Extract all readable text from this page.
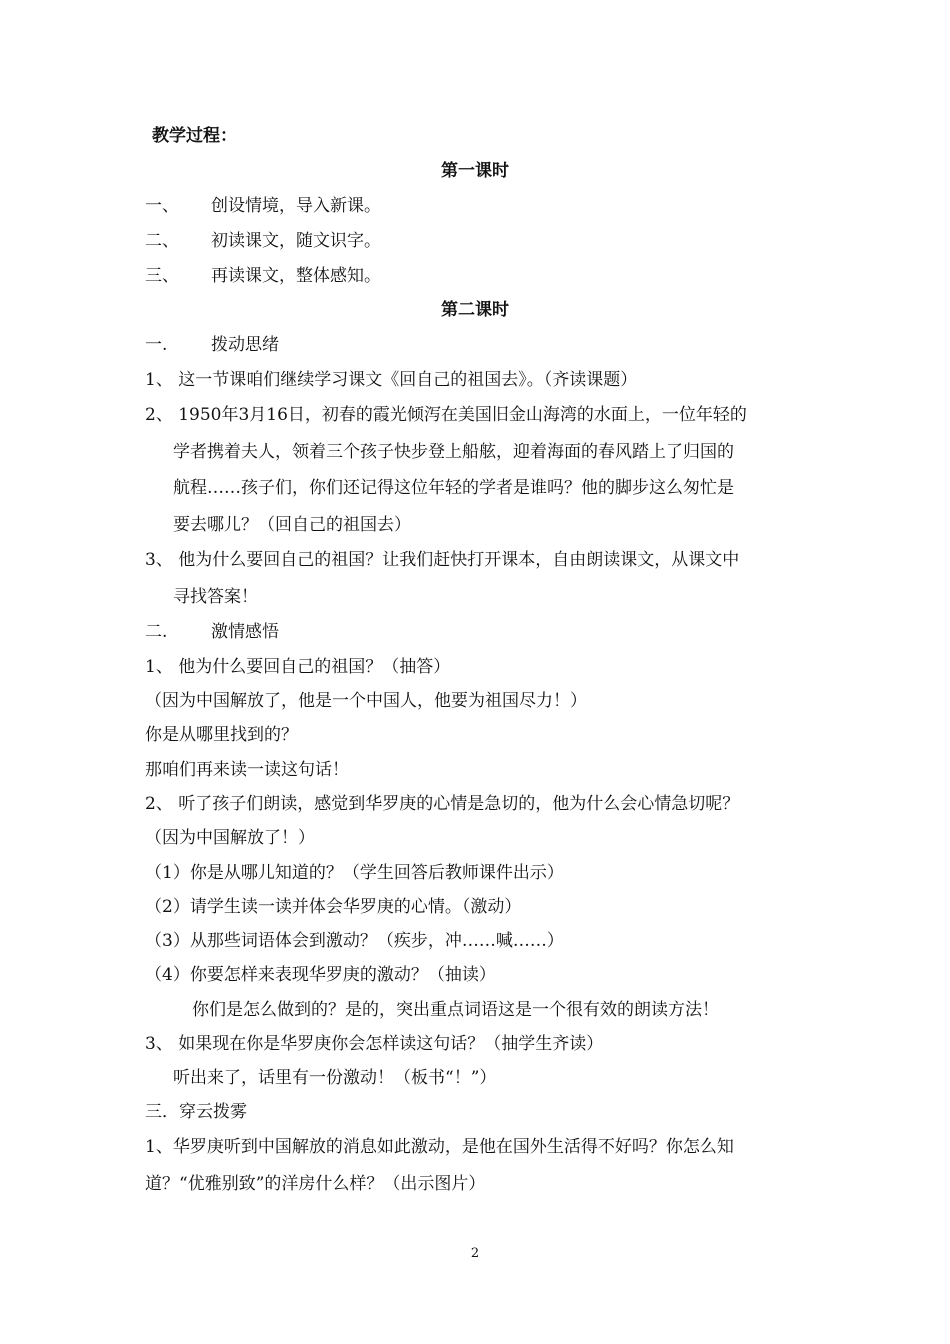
教学过程：
第一课时
一、 创设情境，导入新课。
二、 初读课文，随文识字。
三、 再读课文，整体感知。
第二课时
一.	拨动思绪
1、 这一节课咱们继续学习课文《回自己的祖国去》。（齐读课题）
2、 1950年3月16日，初春的霞光倾泻在美国旧金山海湾的水面上，一位年轻的
学者携着夫人，领着三个孩子快步登上船舷，迎着海面的春风踏上了归国的
航程……孩子们，你们还记得这位年轻的学者是谁吗？他的脚步这么匆忙是
要去哪儿？（回自己的祖国去）
3、 他为什么要回自己的祖国？让我们赶快打开课本，自由朗读课文，从课文中
寻找答案！
二.	激情感悟
1、 他为什么要回自己的祖国？（抽答）
（因为中国解放了，他是一个中国人，他要为祖国尽力！）
你是从哪里找到的？
那咱们再来读一读这句话！
2、 听了孩子们朗读，感觉到华罗庚的心情是急切的，他为什么会心情急切呢？
（因为中国解放了！）
（1）你是从哪儿知道的？（学生回答后教师课件出示）
（2）请学生读一读并体会华罗庚的心情。（激动）
（3）从那些词语体会到激动？（疾步，冲……喊……）
（4）你要怎样来表现华罗庚的激动？（抽读）
你们是怎么做到的？是的，突出重点词语这是一个很有效的朗读方法！
3、 如果现在你是华罗庚你会怎样读这句话？（抽学生齐读）
听出来了，话里有一份激动！（板书“！”）
三．穿云拨雾
1、华罗庚听到中国解放的消息如此激动，是他在国外生活得不好吗？你怎么知
道？“优雅别致”的洋房什么样？（出示图片）
2
